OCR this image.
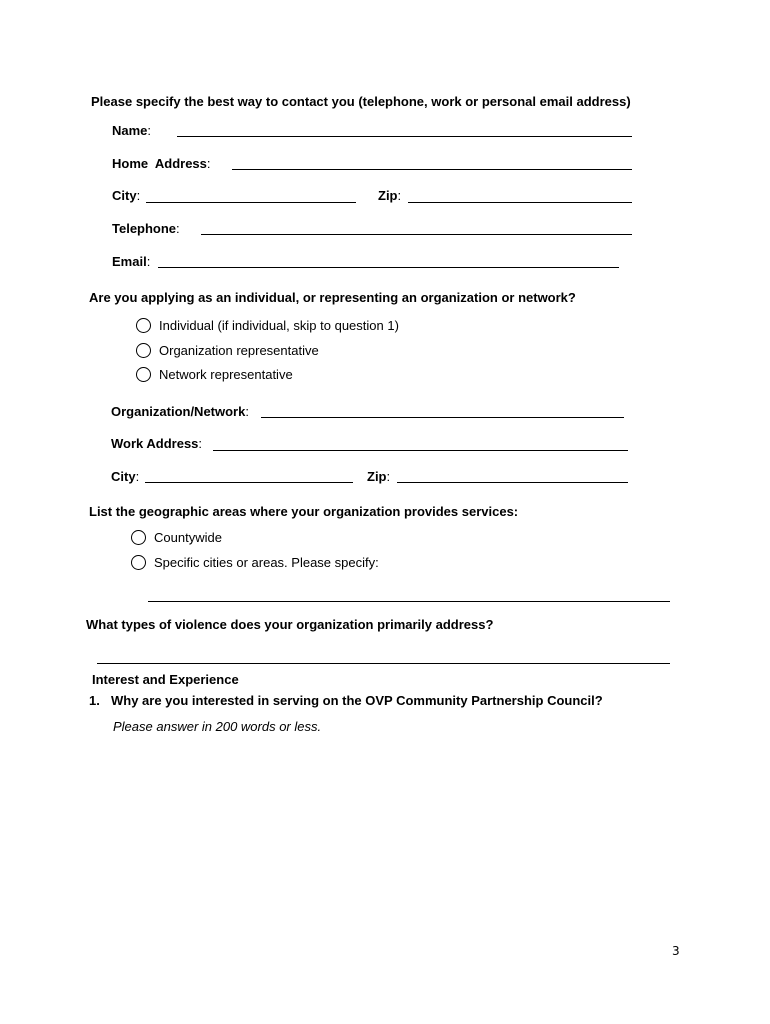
Please specify the best way to contact you (telephone, work or personal email address)
Name:
Home  Address:
City:	Zip:
Telephone:
Email:
Are you applying as an individual, or representing an organization or network?
Individual (if individual, skip to question 1)
Organization representative
Network representative
Organization/Network:
Work Address:
City:	Zip:
List the geographic areas where your organization provides services:
Countywide
Specific cities or areas. Please specify:
What types of violence does your organization primarily address?
Interest and Experience
1. Why are you interested in serving on the OVP Community Partnership Council?
Please answer in 200 words or less.
3
